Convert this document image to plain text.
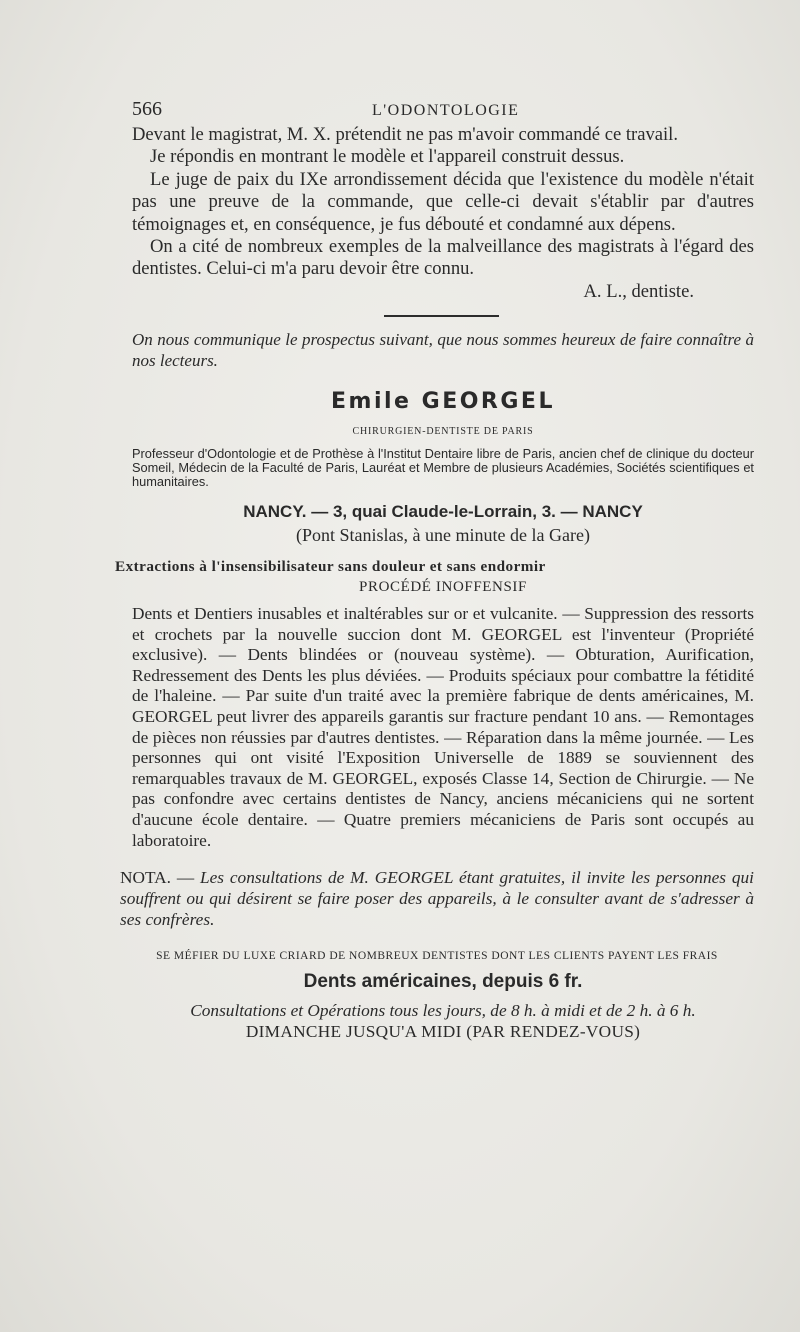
566	L'ODONTOLOGIE

Devant le magistrat, M. X. prétendit ne pas m'avoir commandé ce travail.

Je répondis en montrant le modèle et l'appareil construit dessus.

Le juge de paix du IXe arrondissement décida que l'existence du modèle n'était pas une preuve de la commande, que celle-ci devait s'établir par d'autres témoignages et, en conséquence, je fus débouté et condamné aux dépens.

On a cité de nombreux exemples de la malveillance des magistrats à l'égard des dentistes. Celui-ci m'a paru devoir être connu.

A. L., dentiste.

On nous communique le prospectus suivant, que nous sommes heureux de faire connaître à nos lecteurs.

Emile GEORGEL
CHIRURGIEN-DENTISTE DE PARIS

Professeur d'Odontologie et de Prothèse à l'Institut Dentaire libre de Paris, ancien chef de clinique du docteur Someil, Médecin de la Faculté de Paris, Lauréat et Membre de plusieurs Académies, Sociétés scientifiques et humanitaires.

NANCY. — 3, quai Claude-le-Lorrain, 3. — NANCY
(Pont Stanislas, à une minute de la Gare)
Extractions à l'insensibilisateur sans douleur et sans endormir
PROCÉDÉ INOFFENSIF

Dents et Dentiers inusables et inaltérables sur or et vulcanite. — Suppression des ressorts et crochets par la nouvelle succion dont M. GEORGEL est l'inventeur (Propriété exclusive). — Dents blindées or (nouveau système). — Obturation, Aurification, Redressement des Dents les plus déviées. — Produits spéciaux pour combattre la fétidité de l'haleine. — Par suite d'un traité avec la première fabrique de dents américaines, M. GEORGEL peut livrer des appareils garantis sur fracture pendant 10 ans. — Remontages de pièces non réussies par d'autres dentistes. — Réparation dans la même journée. — Les personnes qui ont visité l'Exposition Universelle de 1889 se souviennent des remarquables travaux de M. GEORGEL, exposés Classe 14, Section de Chirurgie. — Ne pas confondre avec certains dentistes de Nancy, anciens mécaniciens qui ne sortent d'aucune école dentaire. — Quatre premiers mécaniciens de Paris sont occupés au laboratoire.

NOTA. — Les consultations de M. GEORGEL étant gratuites, il invite les personnes qui souffrent ou qui désirent se faire poser des appareils, à le consulter avant de s'adresser à ses confrères.

SE MÉFIER DU LUXE CRIARD DE NOMBREUX DENTISTES DONT LES CLIENTS PAYENT LES FRAIS
Dents américaines, depuis 6 fr.
Consultations et Opérations tous les jours, de 8 h. à midi et de 2 h. à 6 h.
DIMANCHE JUSQU'A MIDI (PAR RENDEZ-VOUS)
